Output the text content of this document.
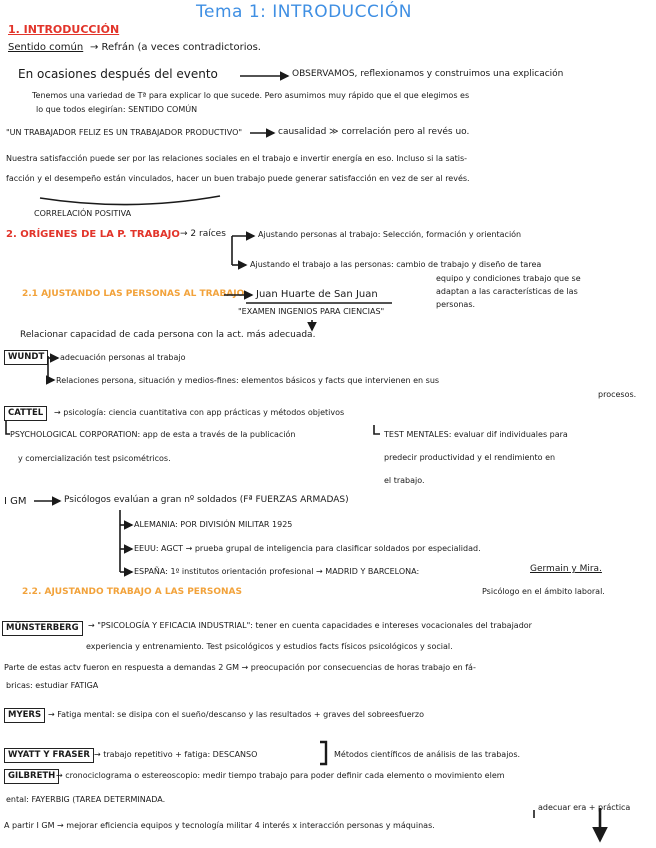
Tema 1: INTRODUCCIÓN
1. INTRODUCCIÓN
Sentido común → Refrán (a veces contradictorios.
En ocasiones después del evento	OBSERVAMOS, reflexionamos y construimos una explicación
Tenemos una variedad de Tª para explicar lo que sucede. Pero asumimos muy rápido que el que elegimos es
lo que todos elegirían: SENTIDO COMÚN
"UN TRABAJADOR FELIZ ES UN TRABAJADOR PRODUCTIVO"	causalidad ≫ correlación pero al revés uo.
Nuestra satisfacción puede ser por las relaciones sociales en el trabajo e invertir energía en eso. Incluso si la satis-
facción y el desempeño están vinculados, hacer un buen trabajo puede generar satisfacción en vez de ser al revés.
CORRELACIÓN POSITIVA
2. ORÍGENES DE LA P. TRABAJO → 2 raíces	Ajustando personas al trabajo: Selección, formación y orientación
Ajustando el trabajo a las personas: cambio de trabajo y diseño de tarea
equipo y condiciones trabajo que se
adaptan a las características de las
personas.
2.1 AJUSTANDO LAS PERSONAS AL TRABAJO Juan Huarte de San Juan
"EXAMEN INGENIOS PARA CIENCIAS"
Relacionar capacidad de cada persona con la act. más adecuada.
WUNDT	adecuación personas al trabajo
Relaciones persona, situación y medios-fines: elementos básicos y facts que intervienen en sus
procesos.
CATTEL	→ psicología: ciencia cuantitativa con app prácticas y métodos objetivos
PSYCHOLOGICAL CORPORATION: app de esta a través de la publicación
y comercialización test psicométricos.
TEST MENTALES: evaluar dif individuales para
predecir productividad y el rendimiento en
el trabajo.
I GM	Psicólogos evalúan a gran nº soldados (Fª FUERZAS ARMADAS)
ALEMANIA: POR DIVISIÓN MILITAR 1925
EEUU: AGCT → prueba grupal de inteligencia para clasificar soldados por especialidad.
ESPAÑA: 1º institutos orientación profesional → MADRID Y BARCELONA:	Germain y Mira.
Psicólogo en el ámbito laboral.
2.2. AJUSTANDO TRABAJO A LAS PERSONAS
MÜNSTERBERG	→ "PSICOLOGÍA Y EFICACIA INDUSTRIAL": tener en cuenta capacidades e intereses vocacionales del trabajador
experiencia y entrenamiento. Test psicológicos y estudios facts físicos psicológicos y social.
Parte de estas actv fueron en respuesta a demandas 2 GM → preocupación por consecuencias de horas trabajo en fá-
bricas: estudiar FATIGA
MYERS → Fatiga mental: se disipa con el sueño/descanso y las resultados + graves del sobreesfuerzo
WYATT Y FRASER → trabajo repetitivo + fatiga: DESCANSO	Métodos científicos de análisis de las trabajos.
GILBRETH → cronociclograma o estereoscopio: medir tiempo trabajo para poder definir cada elemento o movimiento elem
ental: FAYERBIG (TAREA DETERMINADA.
adecuar era + práctica
A partir I GM → mejorar eficiencia equipos y tecnología militar 4 interés x interacción personas y máquinas.
